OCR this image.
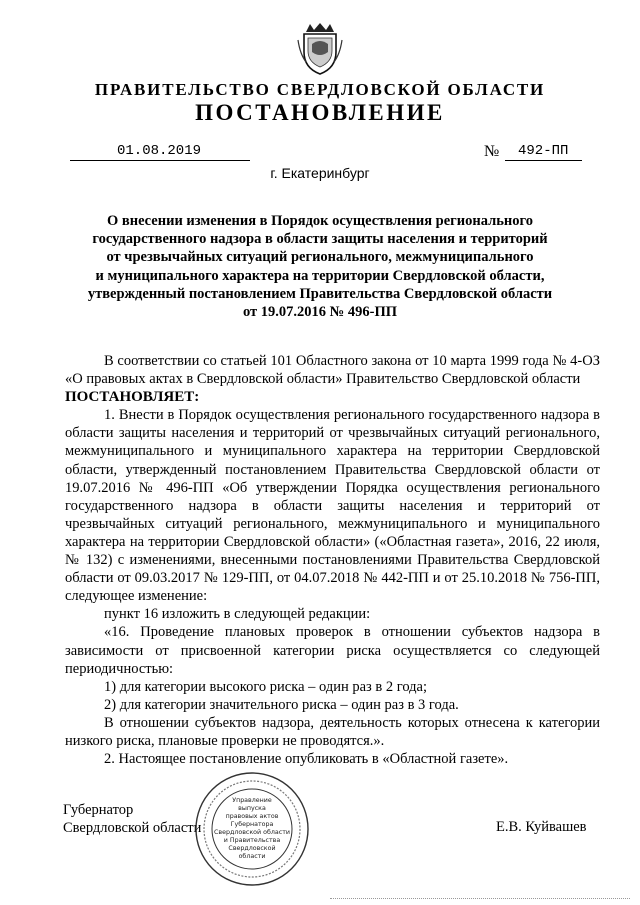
ПРАВИТЕЛЬСТВО СВЕРДЛОВСКОЙ ОБЛАСТИ
ПОСТАНОВЛЕНИЕ
01.08.2019	№ 492-ПП
г. Екатеринбург
О внесении изменения в Порядок осуществления регионального
государственного надзора в области защиты населения и территорий
от чрезвычайных ситуаций регионального, межмуниципального
и муниципального характера на территории Свердловской области,
утвержденный постановлением Правительства Свердловской области
от 19.07.2016 № 496-ПП

В соответствии со статьей 101 Областного закона от 10 марта 1999 года № 4-ОЗ «О правовых актах в Свердловской области» Правительство Свердловской области

ПОСТАНОВЛЯЕТ:

1. Внести в Порядок осуществления регионального государственного надзора в области защиты населения и территорий от чрезвычайных ситуаций регионального, межмуниципального и муниципального характера на территории Свердловской области, утвержденный постановлением Правительства Свердловской области от 19.07.2016 № 496-ПП «Об утверждении Порядка осуществления регионального государственного надзора в области защиты населения и территорий от чрезвычайных ситуаций регионального, межмуниципального и муниципального характера на территории Свердловской области» («Областная газета», 2016, 22 июля, № 132) с изменениями, внесенными постановлениями Правительства Свердловской области от 09.03.2017 № 129-ПП, от 04.07.2018 № 442-ПП и от 25.10.2018 № 756-ПП, следующее изменение:

пункт 16 изложить в следующей редакции:

«16. Проведение плановых проверок в отношении субъектов надзора в зависимости от присвоенной категории риска осуществляется со следующей периодичностью:

1) для категории высокого риска – один раз в 2 года;

2) для категории значительного риска – один раз в 3 года.

В отношении субъектов надзора, деятельность которых отнесена к категории низкого риска, плановые проверки не проводятся.».

2. Настоящее постановление опубликовать в «Областной газете».

Губернатор
Свердловской области	Е.В. Куйвашев
Управление
выпуска
правовых актов
Губернатора
Свердловской области
и Правительства
Свердловской
области
